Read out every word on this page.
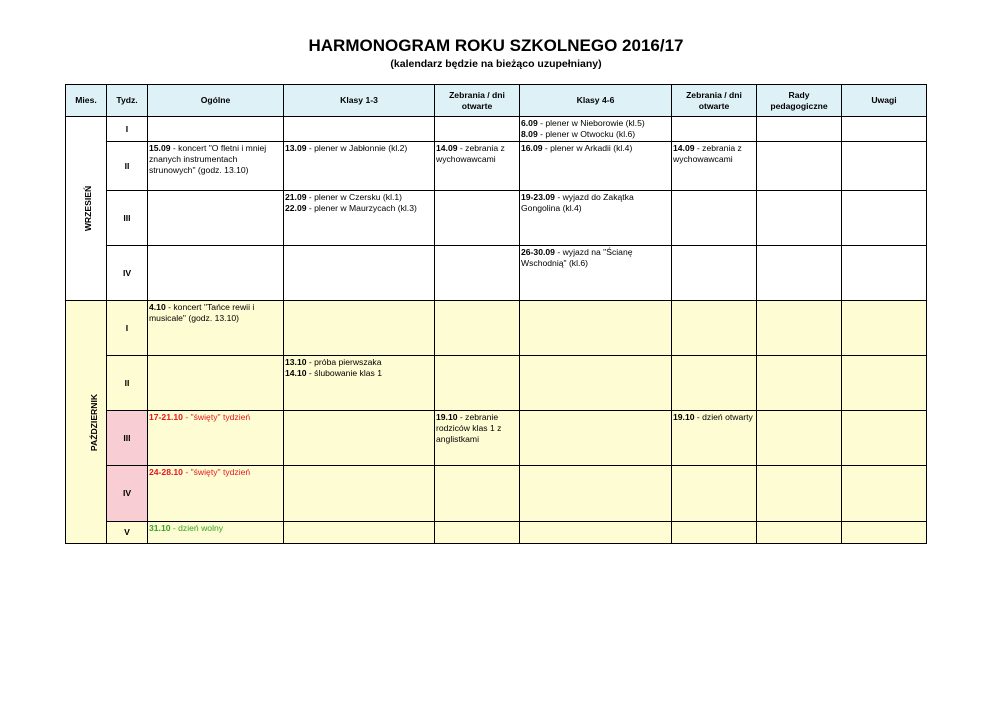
HARMONOGRAM ROKU SZKOLNEGO 2016/17
(kalendarz będzie na bieżąco uzupełniany)
Mies.	Tydz.	Ogólne	Klasy 1-3	Zebrania / dni
otwarte	Klasy 4-6	Zebrania / dni
otwarte	Rady
pedagogiczne	Uwagi
WRZESIEŃ	I				6.09 - plener w Nieborowie (kl.5)
8.09 - plener w Otwocku (kl.6)			
	II	15.09 - koncert "O fletni i mniej znanych instrumentach strunowych" (godz. 13.10)	13.09 - plener w Jabłonnie (kl.2)	14.09 - zebrania z wychowawcami	16.09 - plener w Arkadii (kl.4)	14.09 - zebrania z wychowawcami		
	III		21.09 - plener w Czersku (kl.1)
22.09 - plener w Maurzycach (kl.3)		19-23.09 - wyjazd do Zakątka Gongolina (kl.4)			
	IV				26-30.09 - wyjazd na "Ścianę Wschodnią" (kl.6)			
PAŹDZIERNIK	I	4.10 - koncert "Tańce rewii i musicale" (godz. 13.10)						
	II		13.10 - próba pierwszaka
14.10 - ślubowanie klas 1					
	III	17-21.10 - "święty" tydzień		19.10 - zebranie rodziców klas 1 z anglistkami		19.10 - dzień otwarty		
	IV	24-28.10 - "święty" tydzień						
	V	31.10 - dzień wolny						
